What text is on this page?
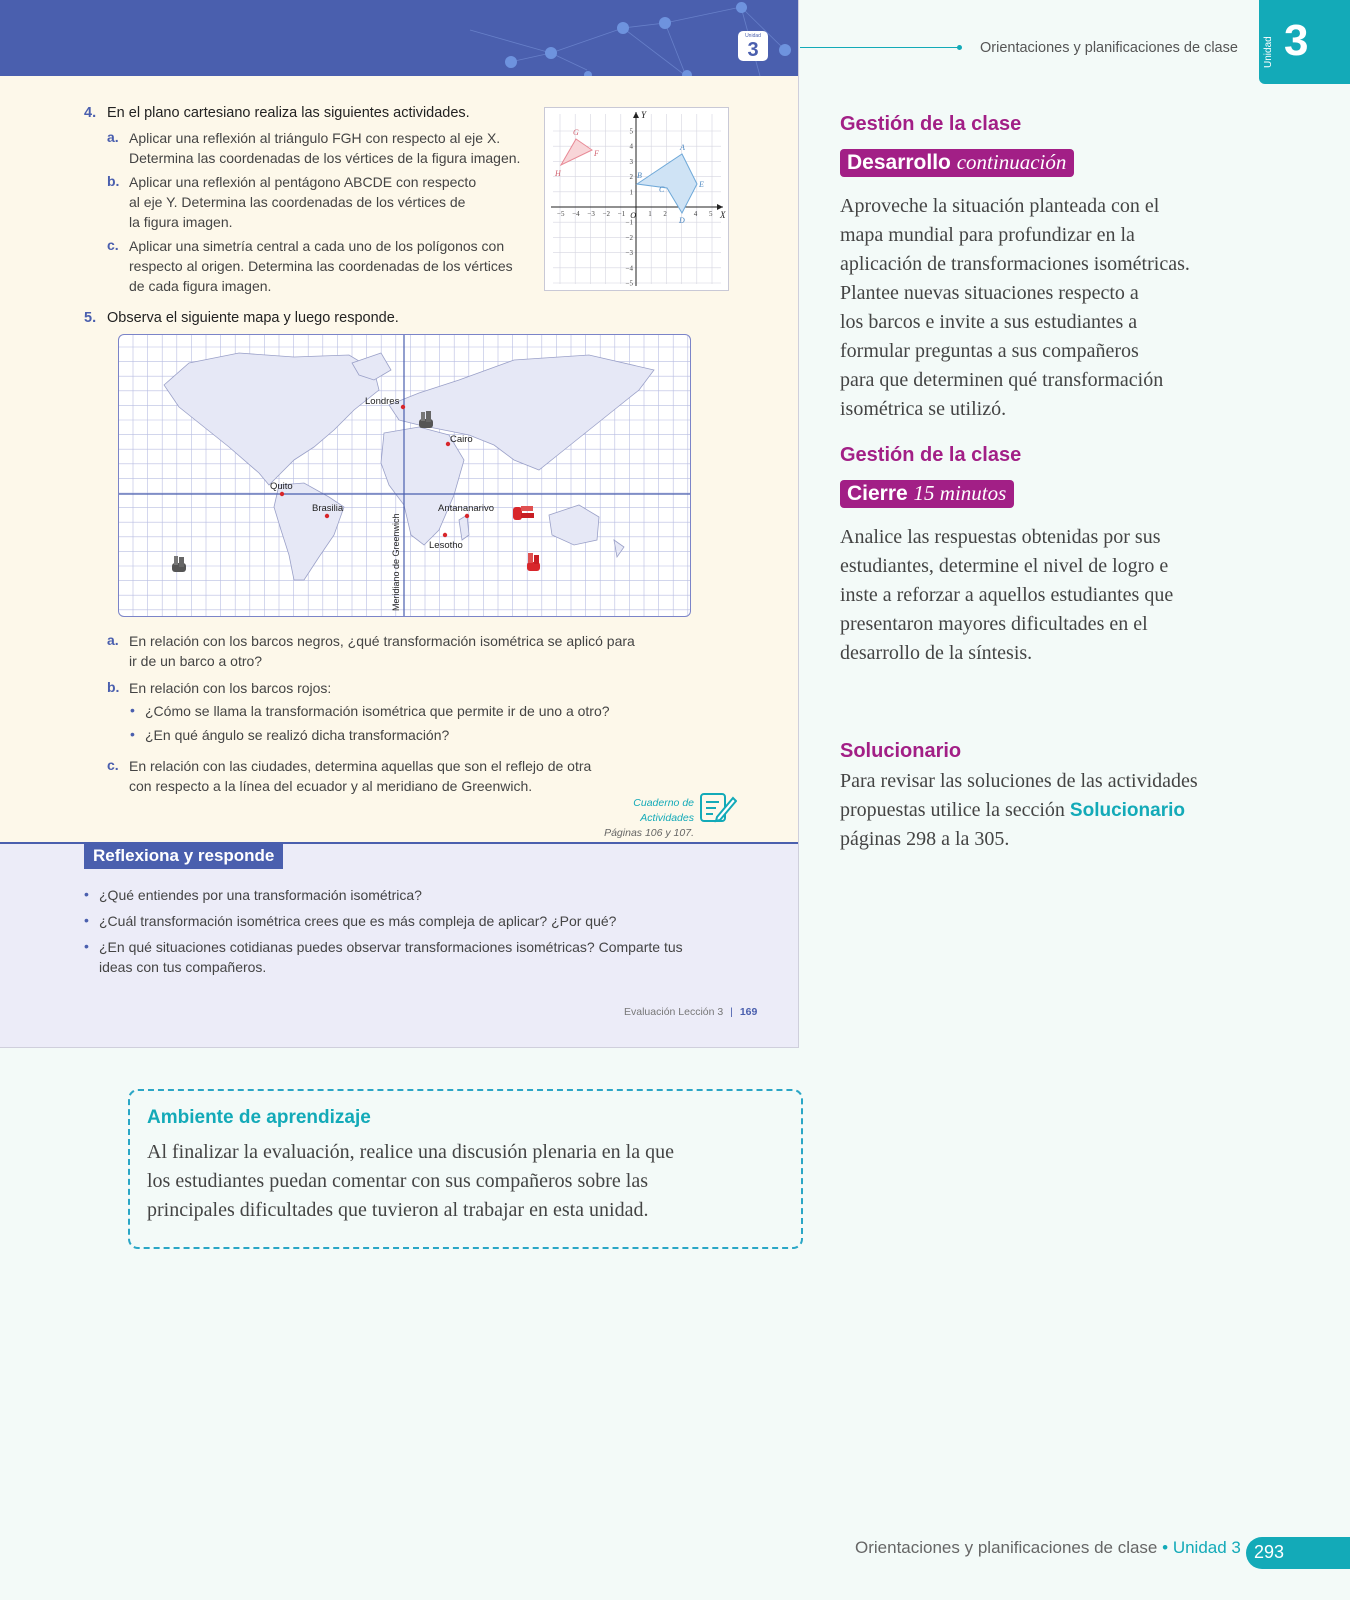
Unidad
3
4. En el plano cartesiano realiza las siguientes actividades.
a. Aplicar una reflexión al triángulo FGH con respecto al eje X.
Determina las coordenadas de los vértices de la figura imagen.
b. Aplicar una reflexión al pentágono ABCDE con respecto
al eje Y. Determina las coordenadas de los vértices de
la figura imagen.
c. Aplicar una simetría central a cada uno de los polígonos con
respecto al origen. Determina las coordenadas de los vértices
de cada figura imagen.
−5 −4 −3 −2 −1	1 2	4 5
5
4
3
2
1
−1
−2
−3
−4
−5
O	X
Y
G
F
H
A
B
C
D
E
5. Observa el siguiente mapa y luego responde.
Londres
Cairo
Quito
Brasilia	Antananarivo
Lesotho
Meridiano de Greenwich
a. En relación con los barcos negros, ¿qué transformación isométrica se aplicó para
ir de un barco a otro?
b. En relación con los barcos rojos:
• ¿Cómo se llama la transformación isométrica que permite ir de uno a otro?
• ¿En qué ángulo se realizó dicha transformación?
c. En relación con las ciudades, determina aquellas que son el reflejo de otra
con respecto a la línea del ecuador y al meridiano de Greenwich.
Cuaderno de Actividades
Páginas 106 y 107.
Reflexiona y responde
• ¿Qué entiendes por una transformación isométrica?
• ¿Cuál transformación isométrica crees que es más compleja de aplicar? ¿Por qué?
• ¿En qué situaciones cotidianas puedes observar transformaciones isométricas? Comparte tus
ideas con tus compañeros.
Evaluación Lección 3 | 169
Orientaciones y planificaciones de clase	Unidad 3
Gestión de la clase
Desarrollo continuación
Aproveche la situación planteada con el
mapa mundial para profundizar en la
aplicación de transformaciones isométricas.
Plantee nuevas situaciones respecto a
los barcos e invite a sus estudiantes a
formular preguntas a sus compañeros
para que determinen qué transformación
isométrica se utilizó.
Gestión de la clase
Cierre 15 minutos
Analice las respuestas obtenidas por sus
estudiantes, determine el nivel de logro e
inste a reforzar a aquellos estudiantes que
presentaron mayores dificultades en el
desarrollo de la síntesis.
Solucionario
Para revisar las soluciones de las actividades
propuestas utilice la sección Solucionario
páginas 298 a la 305.
Ambiente de aprendizaje
Al finalizar la evaluación, realice una discusión plenaria en la que
los estudiantes puedan comentar con sus compañeros sobre las
principales dificultades que tuvieron al trabajar en esta unidad.
Orientaciones y planificaciones de clase • Unidad 3 293
